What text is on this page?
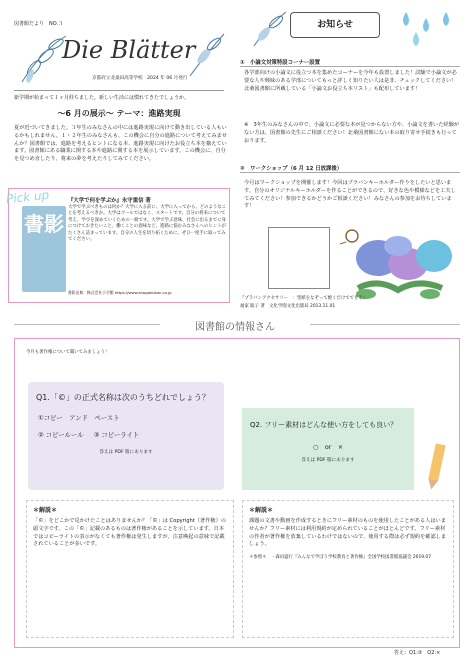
図書館だより　NO.３
Die Blätter
京都府立北桑田高等学校　2024 年 06 月発行
新学期が始まって１ヶ月経ちました。新しい生活には慣れてきたでしょうか。
～6 月の展示～ テーマ：進路実現
夏が近づいてきました。３年生のみなさんの中には進路実現に向けて動き出している人もいるかもしれません。１・２年生のみなさんも、この機会に自分の進路について考えてみませんか？図書館では、進路を考えるヒントになる本、進路実現に向けたお役立ち本を揃えています。図書館にある職業に関する本や進路に関する本を展示しています。この機会に、自分を見つめ直したり、将来の夢を考えたりしてみてください。
Pick up
書影
『大学で何を学ぶか』永守重信 著
大学で学ぶべきものは何か？大学に入る前に、大学に入ってから、どのようなことを考えるべきか。大学はゴールではなく、スタートです。自分の将来について考え、学びを深めていくための一冊です。大学で学ぶ意味、社会に出るまでに身につけておきたいこと、働くことの意味など、進路に悩むみなさんへのヒントがたくさん詰まっています。自分の人生を切り拓くために、ぜひ一度手に取ってみてください。
書影出典：株式会社小学館 https://www.shogakukan.co.jp
お知らせ
①　小論文対策特設コーナー設置
各学部向けの小論文に役立つ本を集めたコーナーを今年も設置しました！試験で小論文が必要な人や興味のある学部についてもっと詳しく知りたい人は是非、チェックしてください！北桑図書館に所蔵している「小論文お役立ち本リスト」も配布しています！
※　3年生のみなさんの中で、小論文に必要な本が見つからない方や、小論文を書いた経験がない方は、図書館の先生にご相談ください！北桑図書館にない本の取り寄せ手続きも行っております。
②　ワークショップ（6 月 12 日放課後）
今月はワークショップを開催します！今回はプラバンキーホルダー作りをしたいと思います。自分のオリジナルキーホルダーを作ることができるので、好きな色や模様などを工夫してみてください！参加できるかどうかご相談ください！みなさんの参加をお待ちしています！
『プラバンアクセサリー　：型紙をなぞって焼くだけでできる』
福家 聡子 著　文化学園文化出版局 2013.11.01
図書館の情報さん
今月も著作権について聞いてみましょう！
Q1.「©」の正式名称は次のうちどれでしょう？
①コピー　アンド　ペースト
② コピールール ③ コピーライト
答えは PDF 版にあります
Q2. フリー素材はどんな使い方をしても良い？
○　or　×
答えは PDF 版にあります
＊解説＊
「©」をどこかで見かけたことはありませんか？「©」は Copyright（著作権）の頭文字です。この「©」記載のあるものは著作権があることを示しています。日本ではコピーライトの表示がなくても著作権は発生しますが、注意喚起の意味で記載されていることが多いです。
＊解説＊
課題の文書や動画を作成するときにフリー素材のものを使用したことがある人はいませんか？フリー素材には利用規約が定められていることがほとんどです。フリー素材の作者が著作権を放棄しているわけではないので、使用する際は必ず規約を確認しましょう。
＊参照＊　・森田盛行『みんなで学ぼう学校教育と著作権』全国学校図書館協議会 2019.07
答え：Q1:③　Q2:×
